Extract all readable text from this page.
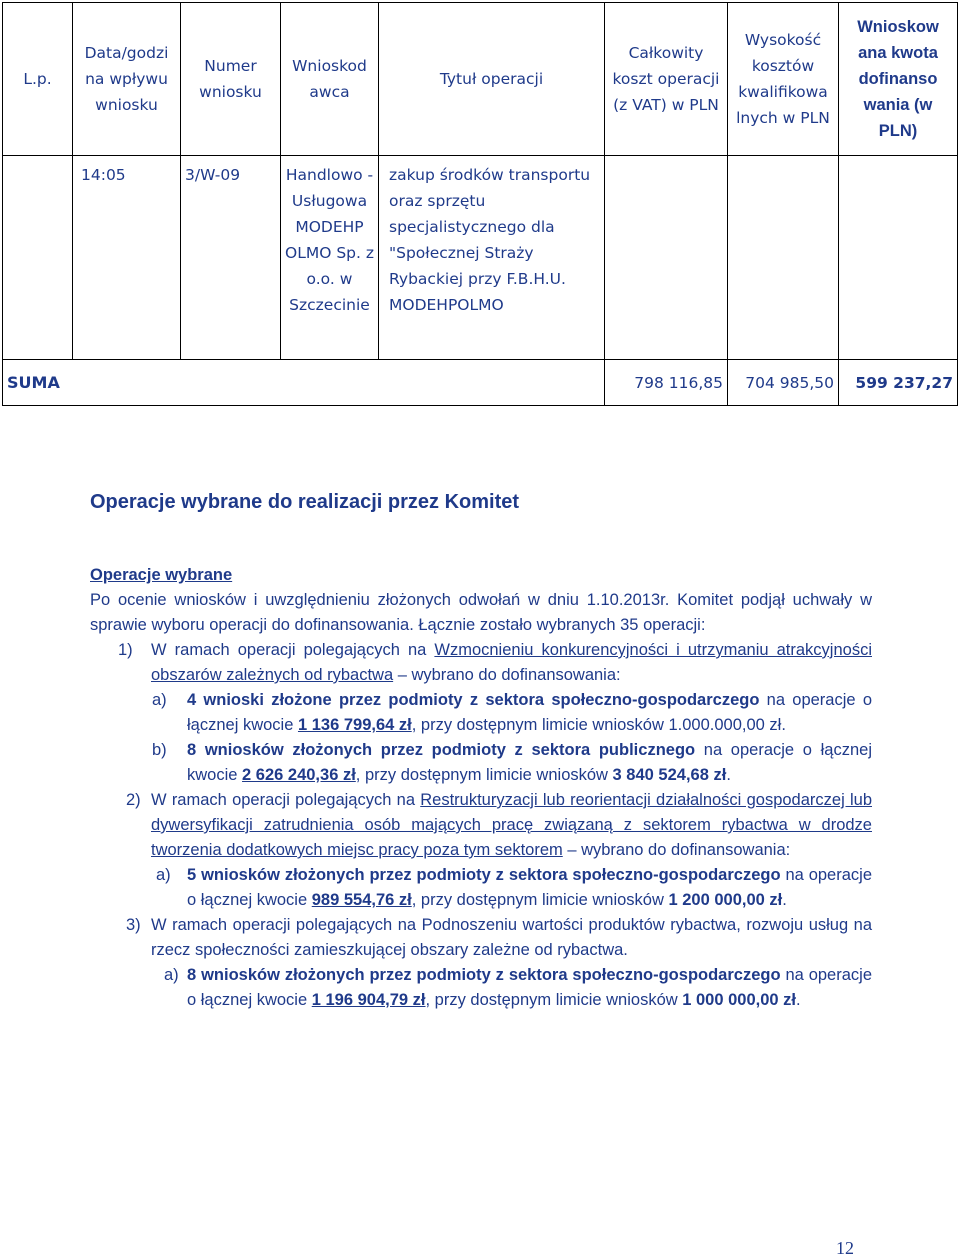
L.p.	Data/godzi na wpływu wniosku	Numer wniosku	Wnioskod awca	Tytuł operacji	Całkowity koszt operacji (z VAT) w PLN	Wysokość kosztów kwalifikowa lnych w PLN	Wnioskow ana kwota dofinanso wania (w PLN)
	14:05	3/W-09	Handlowo - Usługowa MODEHP OLMO Sp. z o.o. w Szczecinie	zakup środków transportu oraz sprzętu specjalistycznego dla "Społecznej Straży Rybackiej przy F.B.H.U. MODEHPOLMO			
SUMA					798 116,85	704 985,50	599 237,27

Operacje wybrane do realizacji przez Komitet

Operacje wybrane

Po ocenie wniosków i uwzględnieniu złożonych odwołań w dniu 1.10.2013r. Komitet podjął uchwały w sprawie wyboru operacji do dofinansowania. Łącznie zostało wybranych 35 operacji:

1) W ramach operacji polegających na Wzmocnieniu konkurencyjności i utrzymaniu atrakcyjności obszarów zależnych od rybactwa – wybrano do dofinansowania:
a) 4 wnioski złożone przez podmioty z sektora społeczno-gospodarczego na operacje o łącznej kwocie 1 136 799,64 zł, przy dostępnym limicie wniosków 1.000.000,00 zł.
b) 8 wniosków złożonych przez podmioty z sektora publicznego na operacje o łącznej kwocie 2 626 240,36 zł, przy dostępnym limicie wniosków 3 840 524,68 zł.
2) W ramach operacji polegających na Restrukturyzacji lub reorientacji działalności gospodarczej lub dywersyfikacji zatrudnienia osób mających pracę związaną z sektorem rybactwa w drodze tworzenia dodatkowych miejsc pracy poza tym sektorem – wybrano do dofinansowania:
a) 5 wniosków złożonych przez podmioty z sektora społeczno-gospodarczego na operacje o łącznej kwocie 989 554,76 zł, przy dostępnym limicie wniosków 1 200 000,00 zł.
3) W ramach operacji polegających na Podnoszeniu wartości produktów rybactwa, rozwoju usług na rzecz społeczności zamieszkującej obszary zależne od rybactwa.
a) 8 wniosków złożonych przez podmioty z sektora społeczno-gospodarczego na operacje o łącznej kwocie 1 196 904,79 zł, przy dostępnym limicie wniosków 1 000 000,00 zł.
12
